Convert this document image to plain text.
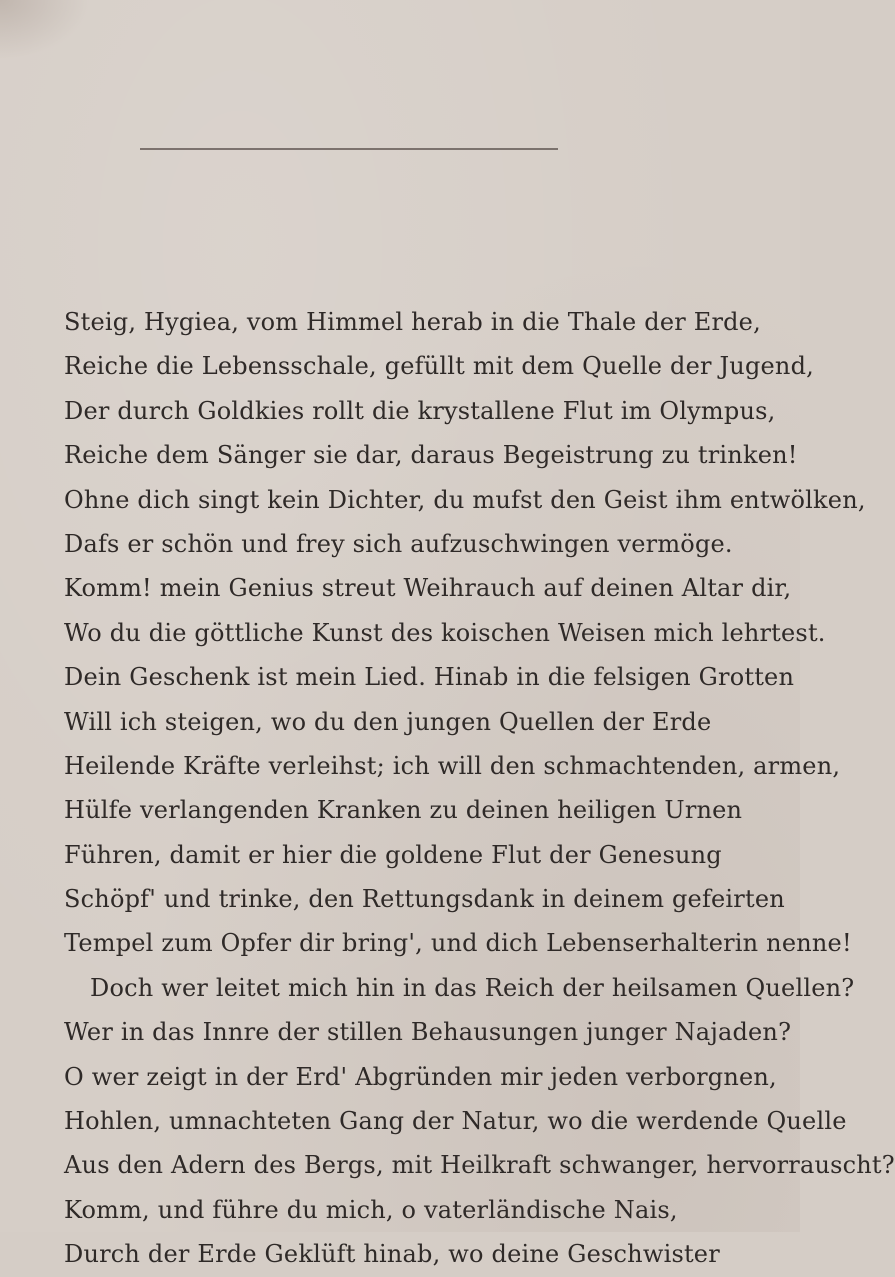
Steig, Hygiea, vom Himmel herab in die Thale der Erde,
Reiche die Lebensschale, gefüllt mit dem Quelle der Jugend,
Der durch Goldkies rollt die krystallene Flut im Olympus,
Reiche dem Sänger sie dar, daraus Begeistrung zu trinken!
Ohne dich singt kein Dichter, du mufst den Geist ihm entwölken,
Dafs er schön und frey sich aufzuschwingen vermöge.
Komm! mein Genius streut Weihrauch auf deinen Altar dir,
Wo du die göttliche Kunst des koischen Weisen mich lehrtest.
Dein Geschenk ist mein Lied. Hinab in die felsigen Grotten
Will ich steigen, wo du den jungen Quellen der Erde
Heilende Kräfte verleihst; ich will den schmachtenden, armen,
Hülfe verlangenden Kranken zu deinen heiligen Urnen
Führen, damit er hier die goldene Flut der Genesung
Schöpf' und trinke, den Rettungsdank in deinem gefeirten
Tempel zum Opfer dir bring', und dich Lebenserhalterin nenne!
Doch wer leitet mich hin in das Reich der heilsamen Quellen?
Wer in das Innre der stillen Behausungen junger Najaden?
O wer zeigt in der Erd' Abgründen mir jeden verborgnen,
Hohlen, umnachteten Gang der Natur, wo die werdende Quelle
Aus den Adern des Bergs, mit Heilkraft schwanger, hervorrauscht?
Komm, und führe du mich, o vaterländische Nais,
Durch der Erde Geklüft hinab, wo deine Geschwister
